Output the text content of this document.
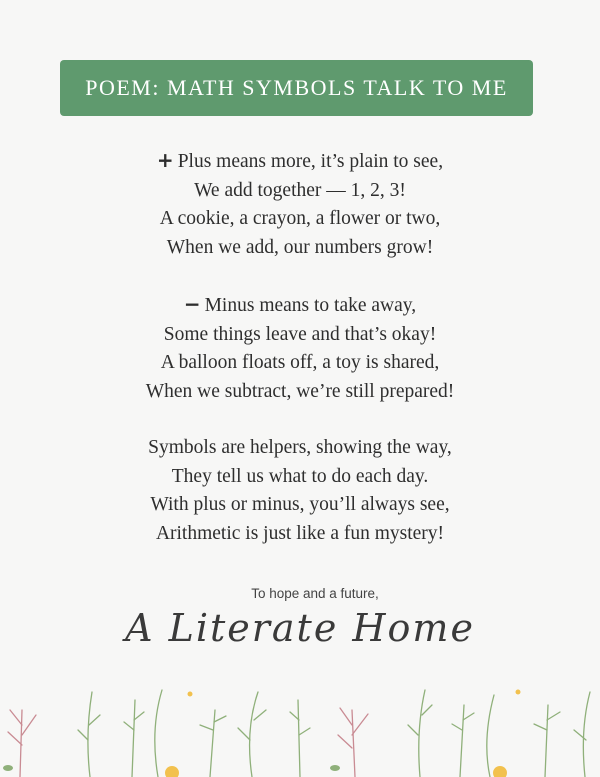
POEM: MATH SYMBOLS TALK TO ME
+ Plus means more, it’s plain to see,
We add together — 1, 2, 3!
A cookie, a crayon, a flower or two,
When we add, our numbers grow!
− Minus means to take away,
Some things leave and that’s okay!
A balloon floats off, a toy is shared,
When we subtract, we’re still prepared!
Symbols are helpers, showing the way,
They tell us what to do each day.
With plus or minus, you’ll always see,
Arithmetic is just like a fun mystery!
To hope and a future,
A Literate Home
